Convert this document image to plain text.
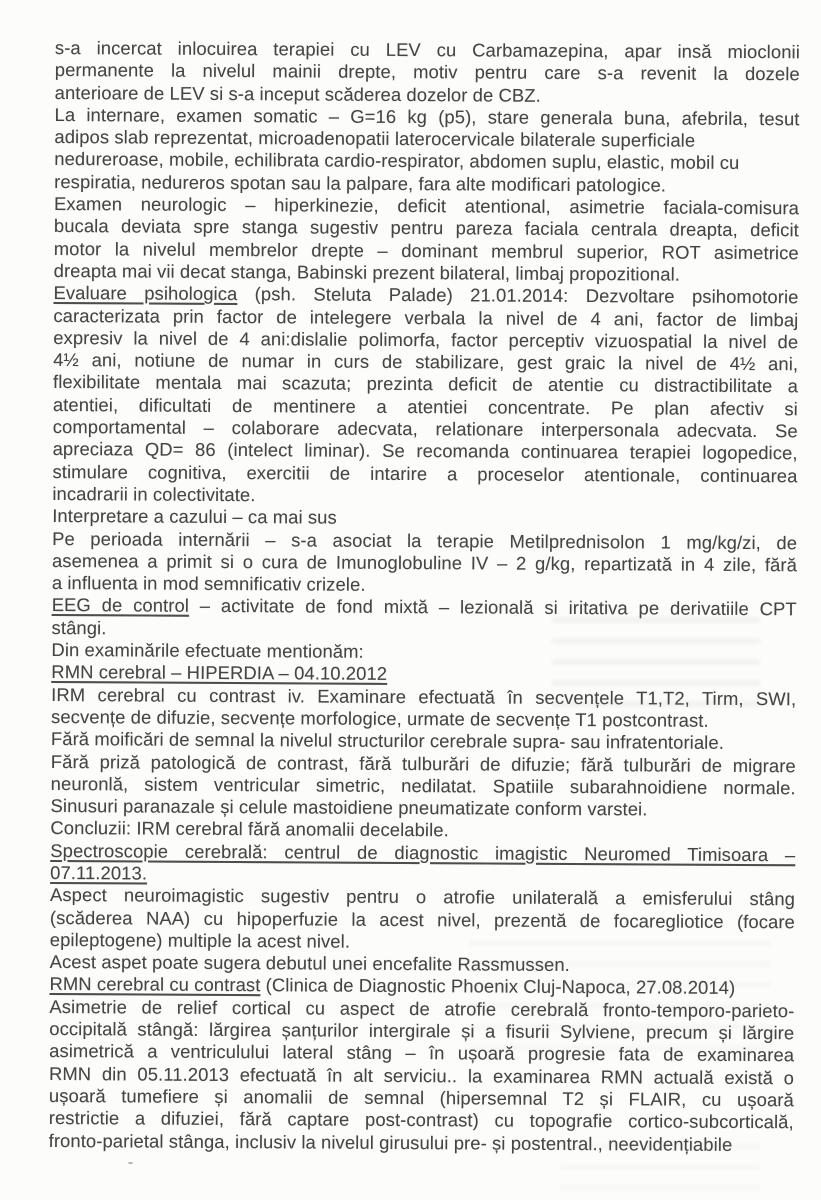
s-a incercat inlocuirea terapiei cu LEV cu Carbamazepina, apar insă mioclonii
permanente la nivelul mainii drepte, motiv pentru care s-a revenit la dozele
anterioare de LEV si s-a inceput scăderea dozelor de CBZ.
La internare, examen somatic – G=16 kg (p5), stare generala buna, afebrila, tesut
adipos slab reprezentat, microadenopatii laterocervicale bilaterale superficiale
nedureroase, mobile, echilibrata cardio-respirator, abdomen suplu, elastic, mobil cu
respiratia, nedureros spotan sau la palpare, fara alte modificari patologice.
Examen neurologic – hiperkinezie, deficit atentional, asimetrie faciala-comisura
bucala deviata spre stanga sugestiv pentru pareza faciala centrala dreapta, deficit
motor la nivelul membrelor drepte – dominant membrul superior, ROT asimetrice
dreapta mai vii decat stanga, Babinski prezent bilateral, limbaj propozitional.
Evaluare psihologica (psh. Steluta Palade) 21.01.2014: Dezvoltare psihomotorie
caracterizata prin factor de intelegere verbala la nivel de 4 ani, factor de limbaj
expresiv la nivel de 4 ani:dislalie polimorfa, factor perceptiv vizuospatial la nivel de
4½ ani, notiune de numar in curs de stabilizare, gest graic la nivel de 4½ ani,
flexibilitate mentala mai scazuta; prezinta deficit de atentie cu distractibilitate a
atentiei, dificultati de mentinere a atentiei concentrate. Pe plan afectiv si
comportamental – colaborare adecvata, relationare interpersonala adecvata. Se
apreciaza QD= 86 (intelect liminar). Se recomanda continuarea terapiei logopedice,
stimulare cognitiva, exercitii de intarire a proceselor atentionale, continuarea
incadrarii in colectivitate.
Interpretare a cazului – ca mai sus
Pe perioada internării – s-a asociat la terapie Metilprednisolon 1 mg/kg/zi, de
asemenea a primit si o cura de Imunoglobuline IV – 2 g/kg, repartizată in 4 zile, fără
a influenta in mod semnificativ crizele.
EEG de control – activitate de fond mixtă – lezională si iritativa pe derivatiile CPT
stângi.
Din examinările efectuate mentionăm:
RMN cerebral – HIPERDIA – 04.10.2012
IRM cerebral cu contrast iv. Examinare efectuată în secvențele T1,T2, Tirm, SWI,
secvențe de difuzie, secvențe morfologice, urmate de secvențe T1 postcontrast.
Fără moificări de semnal la nivelul structurilor cerebrale supra- sau infratentoriale.
Fără priză patologică de contrast, fără tulburări de difuzie; fără tulburări de migrare
neuronlă, sistem ventricular simetric, nedilatat. Spatiile subarahnoidiene normale.
Sinusuri paranazale și celule mastoidiene pneumatizate conform varstei.
Concluzii: IRM cerebral fără anomalii decelabile.
Spectroscopie cerebrală: centrul de diagnostic imagistic Neuromed Timisoara –
07.11.2013.
Aspect neuroimagistic sugestiv pentru o atrofie unilaterală a emisferului stâng
(scăderea NAA) cu hipoperfuzie la acest nivel, prezentă de focaregliotice (focare
epileptogene) multiple la acest nivel.
Acest aspet poate sugera debutul unei encefalite Rassmussen.
RMN cerebral cu contrast (Clinica de Diagnostic Phoenix Cluj-Napoca, 27.08.2014)
Asimetrie de relief cortical cu aspect de atrofie cerebrală fronto-temporo-parieto-
occipitală stângă: lărgirea șanțurilor intergirale și a fisurii Sylviene, precum și lărgire
asimetrică a ventriculului lateral stâng – în ușoară progresie fata de examinarea
RMN din 05.11.2013 efectuată în alt serviciu.. la examinarea RMN actuală există o
ușoară tumefiere și anomalii de semnal (hipersemnal T2 și FLAIR, cu ușoară
restrictie a difuziei, fără captare post-contrast) cu topografie cortico-subcorticală,
fronto-parietal stânga, inclusiv la nivelul girusului pre- și postentral., neevidențiabile
